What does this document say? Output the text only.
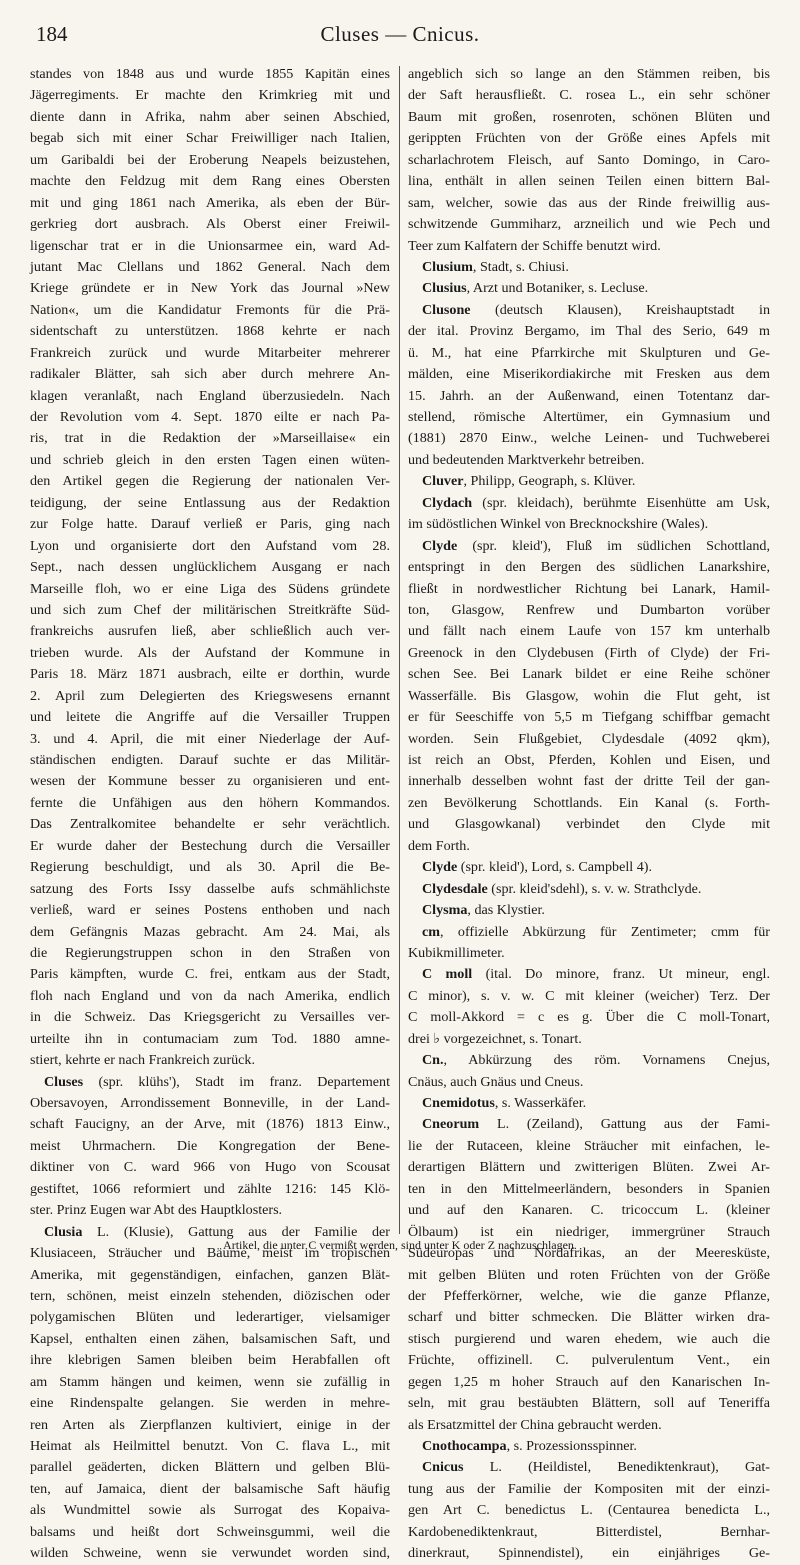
184	Cluses — Cnicus.
standes von 1848 aus und wurde 1855 Kapitän eines
Jägerregiments. Er machte den Krimkrieg mit und
diente dann in Afrika, nahm aber seinen Abschied,
begab sich mit einer Schar Freiwilliger nach Italien,
um Garibaldi bei der Eroberung Neapels beizustehen,
machte den Feldzug mit dem Rang eines Obersten
mit und ging 1861 nach Amerika, als eben der Bür-
gerkrieg dort ausbrach. Als Oberst einer Freiwil-
ligenschar trat er in die Unionsarmee ein, ward Ad-
jutant Mac Clellans und 1862 General. Nach dem
Kriege gründete er in New York das Journal »New
Nation«, um die Kandidatur Fremonts für die Prä-
sidentschaft zu unterstützen. 1868 kehrte er nach
Frankreich zurück und wurde Mitarbeiter mehrerer
radikaler Blätter, sah sich aber durch mehrere An-
klagen veranlaßt, nach England überzusiedeln. Nach
der Revolution vom 4. Sept. 1870 eilte er nach Pa-
ris, trat in die Redaktion der »Marseillaise« ein
und schrieb gleich in den ersten Tagen einen wüten-
den Artikel gegen die Regierung der nationalen Ver-
teidigung, der seine Entlassung aus der Redaktion
zur Folge hatte. Darauf verließ er Paris, ging nach
Lyon und organisierte dort den Aufstand vom 28.
Sept., nach dessen unglücklichem Ausgang er nach
Marseille floh, wo er eine Liga des Südens gründete
und sich zum Chef der militärischen Streitkräfte Süd-
frankreichs ausrufen ließ, aber schließlich auch ver-
trieben wurde. Als der Aufstand der Kommune in
Paris 18. März 1871 ausbrach, eilte er dorthin, wurde
2. April zum Delegierten des Kriegswesens ernannt
und leitete die Angriffe auf die Versailler Truppen
3. und 4. April, die mit einer Niederlage der Auf-
ständischen endigten. Darauf suchte er das Militär-
wesen der Kommune besser zu organisieren und ent-
fernte die Unfähigen aus den höhern Kommandos.
Das Zentralkomitee behandelte er sehr verächtlich.
Er wurde daher der Bestechung durch die Versailler
Regierung beschuldigt, und als 30. April die Be-
satzung des Forts Issy dasselbe aufs schmählichste
verließ, ward er seines Postens enthoben und nach
dem Gefängnis Mazas gebracht. Am 24. Mai, als
die Regierungstruppen schon in den Straßen von
Paris kämpften, wurde C. frei, entkam aus der Stadt,
floh nach England und von da nach Amerika, endlich
in die Schweiz. Das Kriegsgericht zu Versailles ver-
urteilte ihn in contumaciam zum Tod. 1880 amne-
stiert, kehrte er nach Frankreich zurück.
Cluses (spr. klühs'), Stadt im franz. Departement
Obersavoyen, Arrondissement Bonneville, in der Land-
schaft Faucigny, an der Arve, mit (1876) 1813 Einw.,
meist Uhrmachern. Die Kongregation der Bene-
diktiner von C. ward 966 von Hugo von Scousat
gestiftet, 1066 reformiert und zählte 1216: 145 Klö-
ster. Prinz Eugen war Abt des Hauptklosters.
Clusia L. (Klusie), Gattung aus der Familie der
Klusiaceen, Sträucher und Bäume, meist im tropischen
Amerika, mit gegenständigen, einfachen, ganzen Blät-
tern, schönen, meist einzeln stehenden, diözischen oder
polygamischen Blüten und lederartiger, vielsamiger
Kapsel, enthalten einen zähen, balsamischen Saft, und
ihre klebrigen Samen bleiben beim Herabfallen oft
am Stamm hängen und keimen, wenn sie zufällig in
eine Rindenspalte gelangen. Sie werden in mehre-
ren Arten als Zierpflanzen kultiviert, einige in der
Heimat als Heilmittel benutzt. Von C. flava L., mit
parallel geäderten, dicken Blättern und gelben Blü-
ten, auf Jamaica, dient der balsamische Saft häufig
als Wundmittel sowie als Surrogat des Kopaiva-
balsams und heißt dort Schweinsgummi, weil die
wilden Schweine, wenn sie verwundet worden sind,
angeblich sich so lange an den Stämmen reiben, bis
der Saft herausfließt. C. rosea L., ein sehr schöner
Baum mit großen, rosenroten, schönen Blüten und
gerippten Früchten von der Größe eines Apfels mit
scharlachrotem Fleisch, auf Santo Domingo, in Caro-
lina, enthält in allen seinen Teilen einen bittern Bal-
sam, welcher, sowie das aus der Rinde freiwillig aus-
schwitzende Gummiharz, arzneilich und wie Pech und
Teer zum Kalfatern der Schiffe benutzt wird.
Clusium, Stadt, s. Chiusi.
Clusius, Arzt und Botaniker, s. Lecluse.
Clusone (deutsch Klausen), Kreishauptstadt in
der ital. Provinz Bergamo, im Thal des Serio, 649 m
ü. M., hat eine Pfarrkirche mit Skulpturen und Ge-
mälden, eine Miserikordiakirche mit Fresken aus dem
15. Jahrh. an der Außenwand, einen Totentanz dar-
stellend, römische Altertümer, ein Gymnasium und
(1881) 2870 Einw., welche Leinen- und Tuchweberei
und bedeutenden Marktverkehr betreiben.
Cluver, Philipp, Geograph, s. Klüver.
Clydach (spr. kleidach), berühmte Eisenhütte am Usk,
im südöstlichen Winkel von Brecknockshire (Wales).
Clyde (spr. kleid'), Fluß im südlichen Schottland,
entspringt in den Bergen des südlichen Lanarkshire,
fließt in nordwestlicher Richtung bei Lanark, Hamil-
ton, Glasgow, Renfrew und Dumbarton vorüber
und fällt nach einem Laufe von 157 km unterhalb
Greenock in den Clydebusen (Firth of Clyde) der Fri-
schen See. Bei Lanark bildet er eine Reihe schöner
Wasserfälle. Bis Glasgow, wohin die Flut geht, ist
er für Seeschiffe von 5,5 m Tiefgang schiffbar gemacht
worden. Sein Flußgebiet, Clydesdale (4092 qkm),
ist reich an Obst, Pferden, Kohlen und Eisen, und
innerhalb desselben wohnt fast der dritte Teil der gan-
zen Bevölkerung Schottlands. Ein Kanal (s. Forth-
und Glasgowkanal) verbindet den Clyde mit
dem Forth.
Clyde (spr. kleid'), Lord, s. Campbell 4).
Clydesdale (spr. kleid'sdehl), s. v. w. Strathclyde.
Clysma, das Klystier.
cm, offizielle Abkürzung für Zentimeter; cmm für
Kubikmillimeter.
C moll (ital. Do minore, franz. Ut mineur, engl.
C minor), s. v. w. C mit kleiner (weicher) Terz. Der
C moll-Akkord = c es g. Über die C moll-Tonart,
drei ♭ vorgezeichnet, s. Tonart.
Cn., Abkürzung des röm. Vornamens Cnejus,
Cnäus, auch Gnäus und Cneus.
Cnemidotus, s. Wasserkäfer.
Cneorum L. (Zeiland), Gattung aus der Fami-
lie der Rutaceen, kleine Sträucher mit einfachen, le-
derartigen Blättern und zwitterigen Blüten. Zwei Ar-
ten in den Mittelmeerländern, besonders in Spanien
und auf den Kanaren. C. tricoccum L. (kleiner
Ölbaum) ist ein niedriger, immergrüner Strauch
Südeuropas und Nordafrikas, an der Meeresküste,
mit gelben Blüten und roten Früchten von der Größe
der Pfefferkörner, welche, wie die ganze Pflanze,
scharf und bitter schmecken. Die Blätter wirken dra-
stisch purgierend und waren ehedem, wie auch die
Früchte, offizinell. C. pulverulentum Vent., ein
gegen 1,25 m hoher Strauch auf den Kanarischen In-
seln, mit grau bestäubten Blättern, soll auf Teneriffa
als Ersatzmittel der China gebraucht werden.
Cnothocampa, s. Prozessionsspinner.
Cnicus L. (Heildistel, Benediktenkraut), Gat-
tung aus der Familie der Kompositen mit der einzi-
gen Art C. benedictus L. (Centaurea benedicta L.,
Kardobenediktenkraut, Bitterdistel, Bernhar-
dinerkraut, Spinnendistel), ein einjähriges Ge-
Artikel, die unter C vermißt werden, sind unter K oder Z nachzuschlagen.
